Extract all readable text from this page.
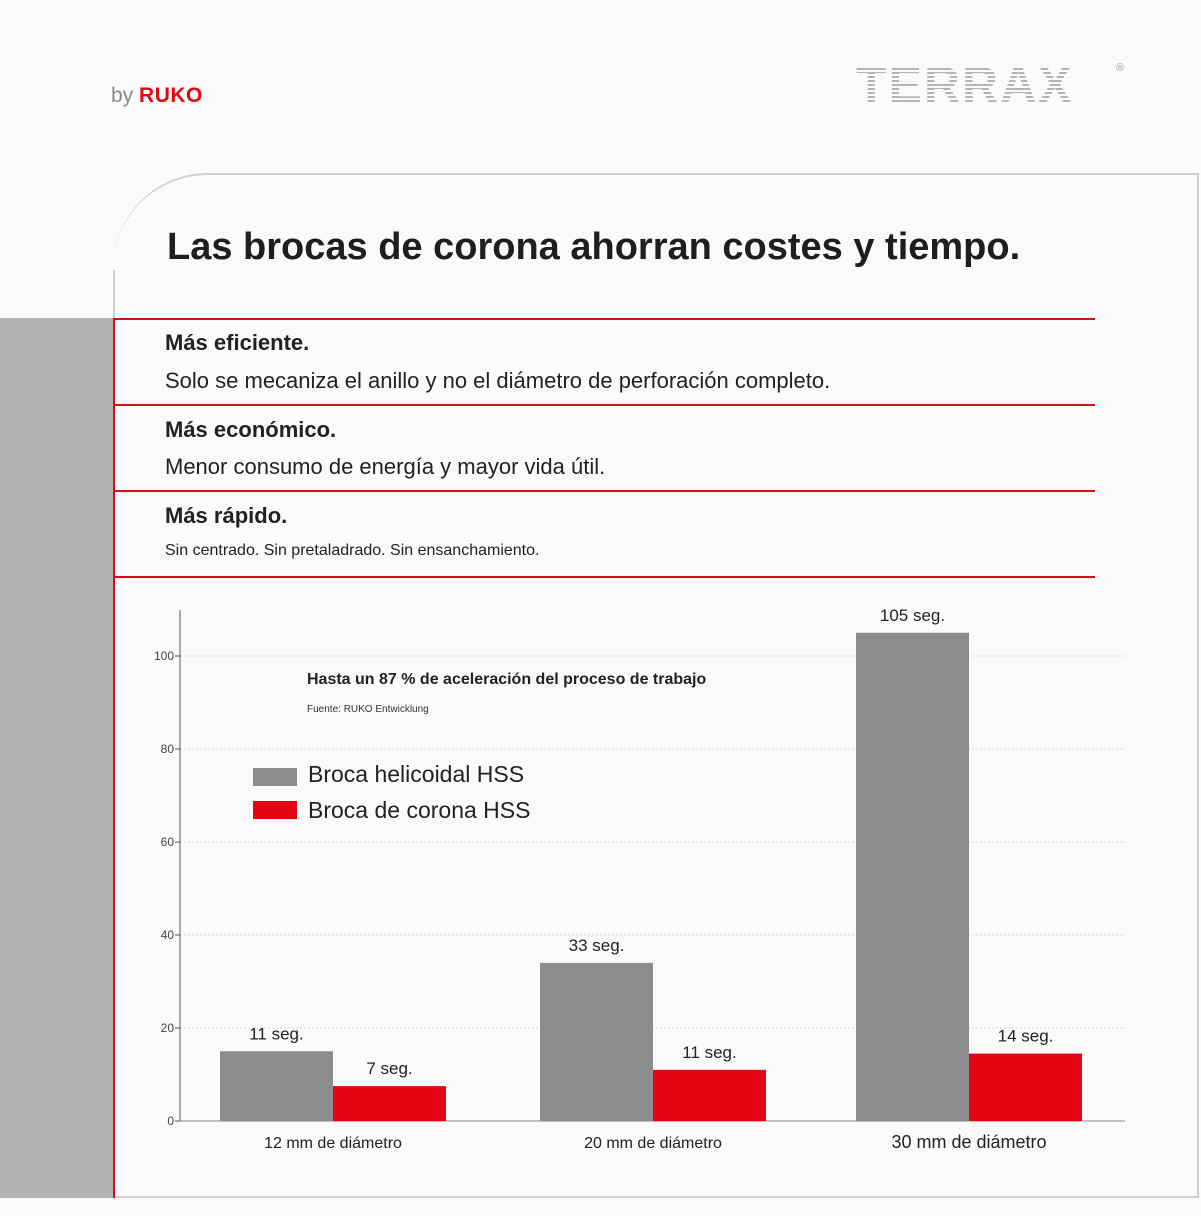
by RUKO	TERRAX	®
Las brocas de corona ahorran costes y tiempo.
Más eficiente.
Solo se mecaniza el anillo y no el diámetro de perforación completo.
Más económico.
Menor consumo de energía y mayor vida útil.
Más rápido.
Sin centrado. Sin pretaladrado. Sin ensanchamiento.
0
20
40
60
80
100
Hasta un 87 % de aceleración del proceso de trabajo
Fuente: RUKO Entwicklung
Broca helicoidal HSS
Broca de corona HSS
11 seg.
7 seg.
12 mm de diámetro
33 seg.
11 seg.
20 mm de diámetro
105 seg.
14 seg.
30 mm de diámetro
